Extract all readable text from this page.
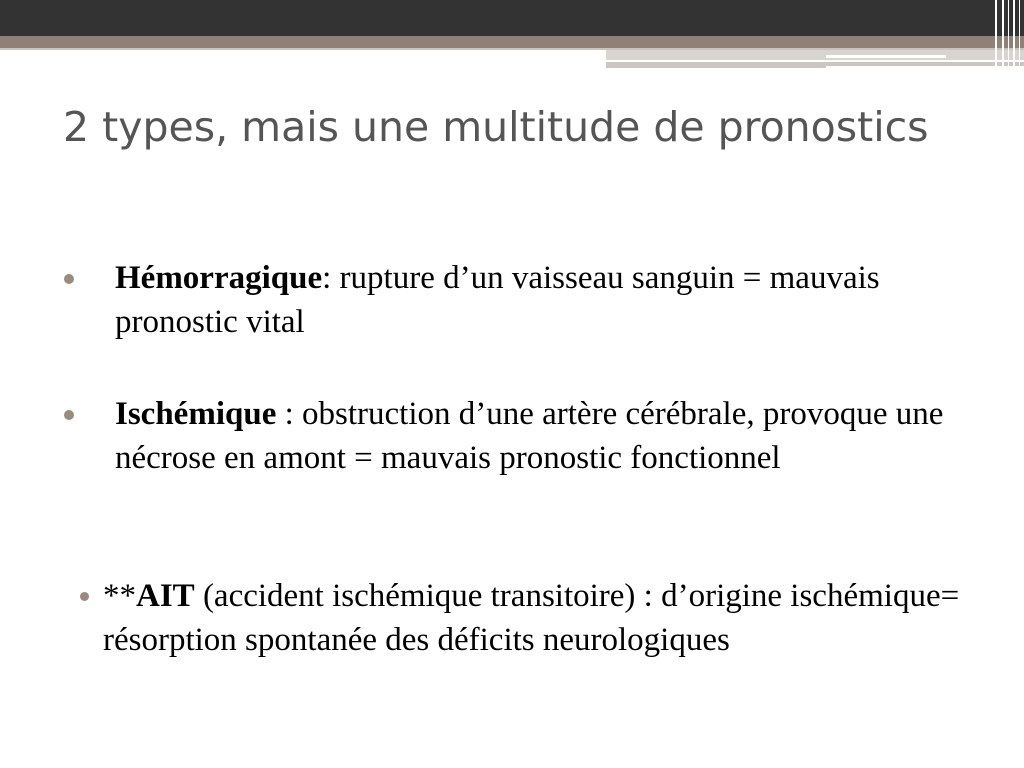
2 types, mais une multitude de pronostics
Hémorragique: rupture d’un vaisseau sanguin = mauvais pronostic vital
Ischémique : obstruction d’une artère cérébrale, provoque une nécrose en amont = mauvais pronostic fonctionnel
**AIT (accident ischémique transitoire) : d’origine ischémique= résorption spontanée des déficits neurologiques
